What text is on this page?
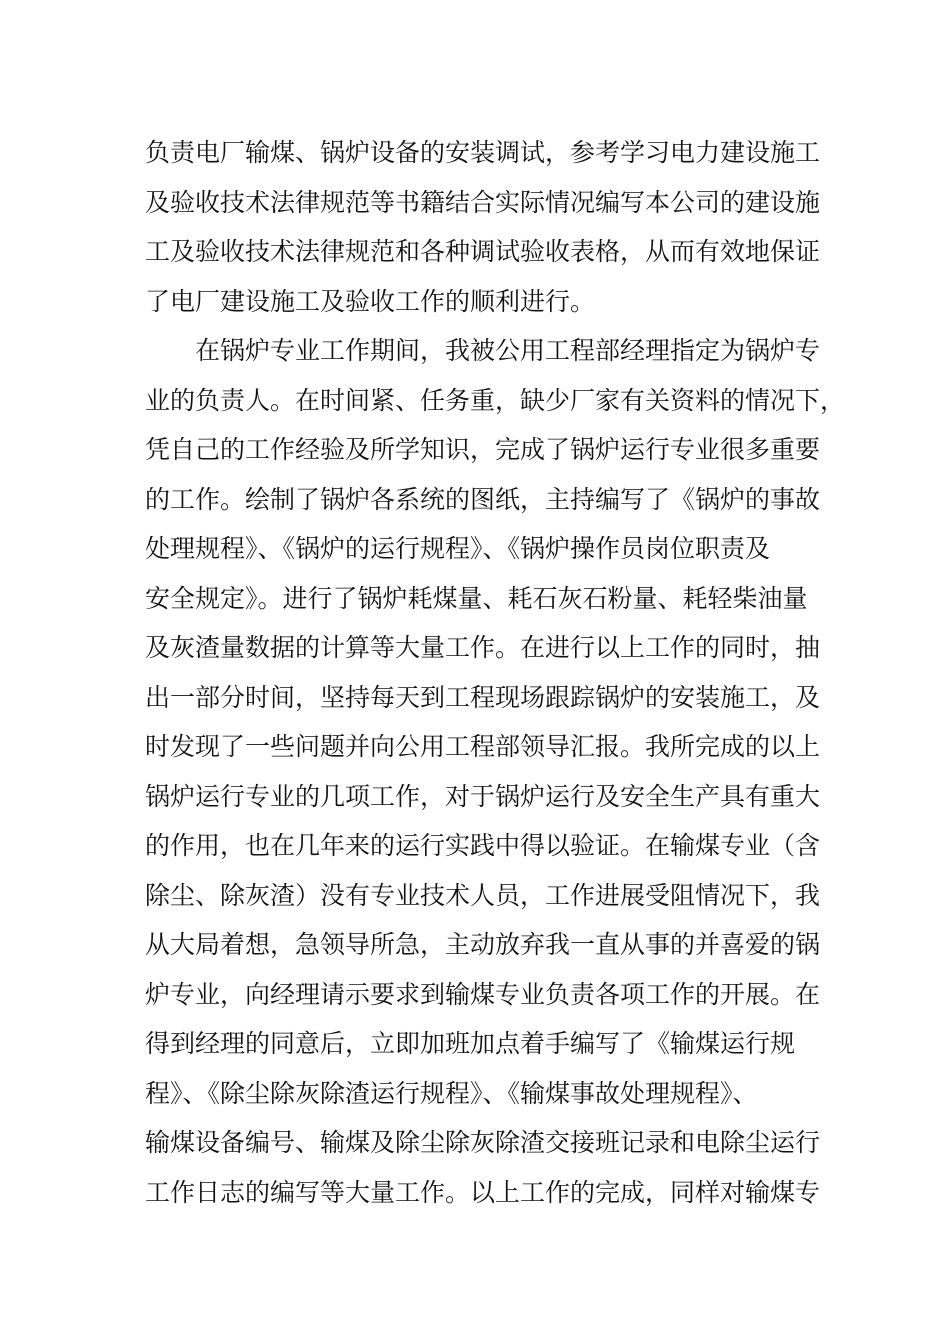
负责电厂输煤、锅炉设备的安装调试，参考学习电力建设施工
及验收技术法律规范等书籍结合实际情况编写本公司的建设施
工及验收技术法律规范和各种调试验收表格，从而有效地保证
了电厂建设施工及验收工作的顺利进行。
　　在锅炉专业工作期间，我被公用工程部经理指定为锅炉专
业的负责人。在时间紧、任务重，缺少厂家有关资料的情况下，
凭自己的工作经验及所学知识，完成了锅炉运行专业很多重要
的工作。绘制了锅炉各系统的图纸，主持编写了《锅炉的事故
处理规程》、《锅炉的运行规程》、《锅炉操作员岗位职责及
安全规定》。进行了锅炉耗煤量、耗石灰石粉量、耗轻柴油量
及灰渣量数据的计算等大量工作。在进行以上工作的同时，抽
出一部分时间，坚持每天到工程现场跟踪锅炉的安装施工，及
时发现了一些问题并向公用工程部领导汇报。我所完成的以上
锅炉运行专业的几项工作，对于锅炉运行及安全生产具有重大
的作用，也在几年来的运行实践中得以验证。在输煤专业（含
除尘、除灰渣）没有专业技术人员，工作进展受阻情况下，我
从大局着想，急领导所急，主动放弃我一直从事的并喜爱的锅
炉专业，向经理请示要求到输煤专业负责各项工作的开展。在
得到经理的同意后，立即加班加点着手编写了《输煤运行规
程》、《除尘除灰除渣运行规程》、《输煤事故处理规程》、
输煤设备编号、输煤及除尘除灰除渣交接班记录和电除尘运行
工作日志的编写等大量工作。以上工作的完成，同样对输煤专
